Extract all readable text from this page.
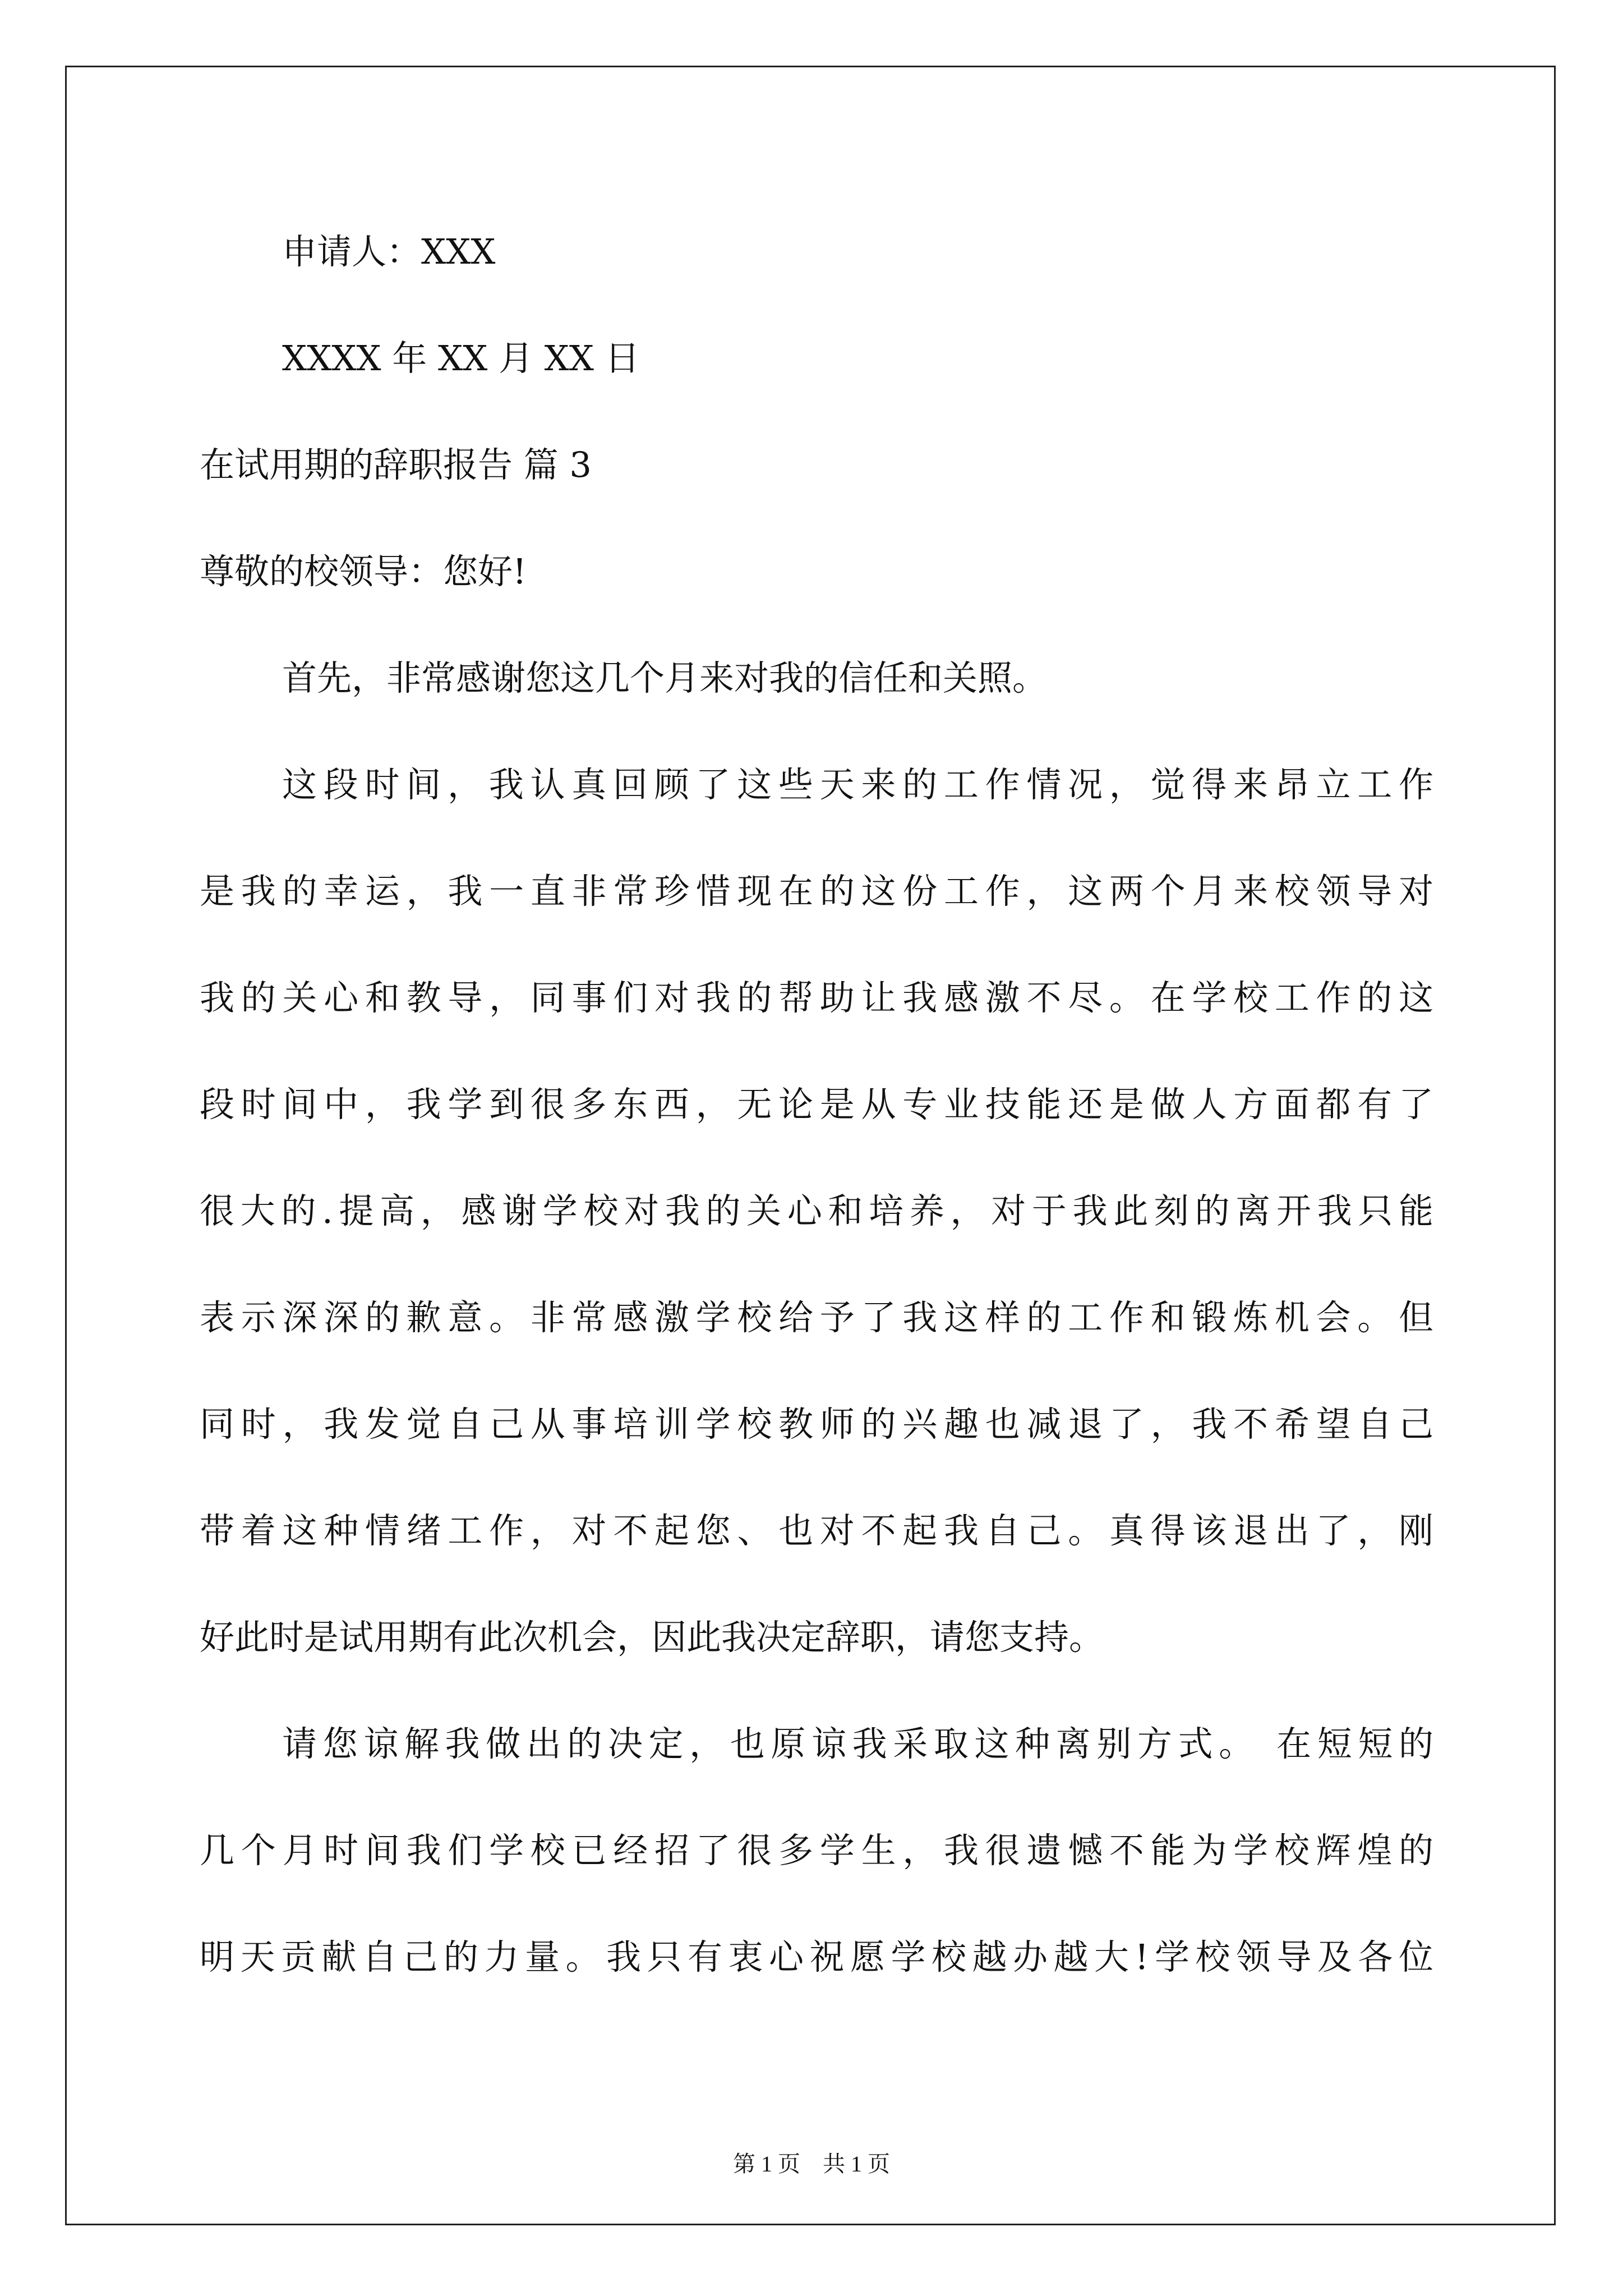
申请人：XXX
XXXX 年 XX 月 XX 日
在试用期的辞职报告 篇 3
尊敬的校领导：您好!
首先，非常感谢您这几个月来对我的信任和关照。
这段时间，我认真回顾了这些天来的工作情况，觉得来昂立工作
是我的幸运，我一直非常珍惜现在的这份工作，这两个月来校领导对
我的关心和教导，同事们对我的帮助让我感激不尽。在学校工作的这
段时间中，我学到很多东西，无论是从专业技能还是做人方面都有了
很大的.提高，感谢学校对我的关心和培养，对于我此刻的离开我只能
表示深深的歉意。非常感激学校给予了我这样的工作和锻炼机会。但
同时，我发觉自己从事培训学校教师的兴趣也减退了，我不希望自己
带着这种情绪工作，对不起您、也对不起我自己。真得该退出了，刚
好此时是试用期有此次机会，因此我决定辞职，请您支持。
请您谅解我做出的决定，也原谅我采取这种离别方式。 在短短的
几个月时间我们学校已经招了很多学生，我很遗憾不能为学校辉煌的
明天贡献自己的力量。我只有衷心祝愿学校越办越大!学校领导及各位
第 1 页    共 1 页
